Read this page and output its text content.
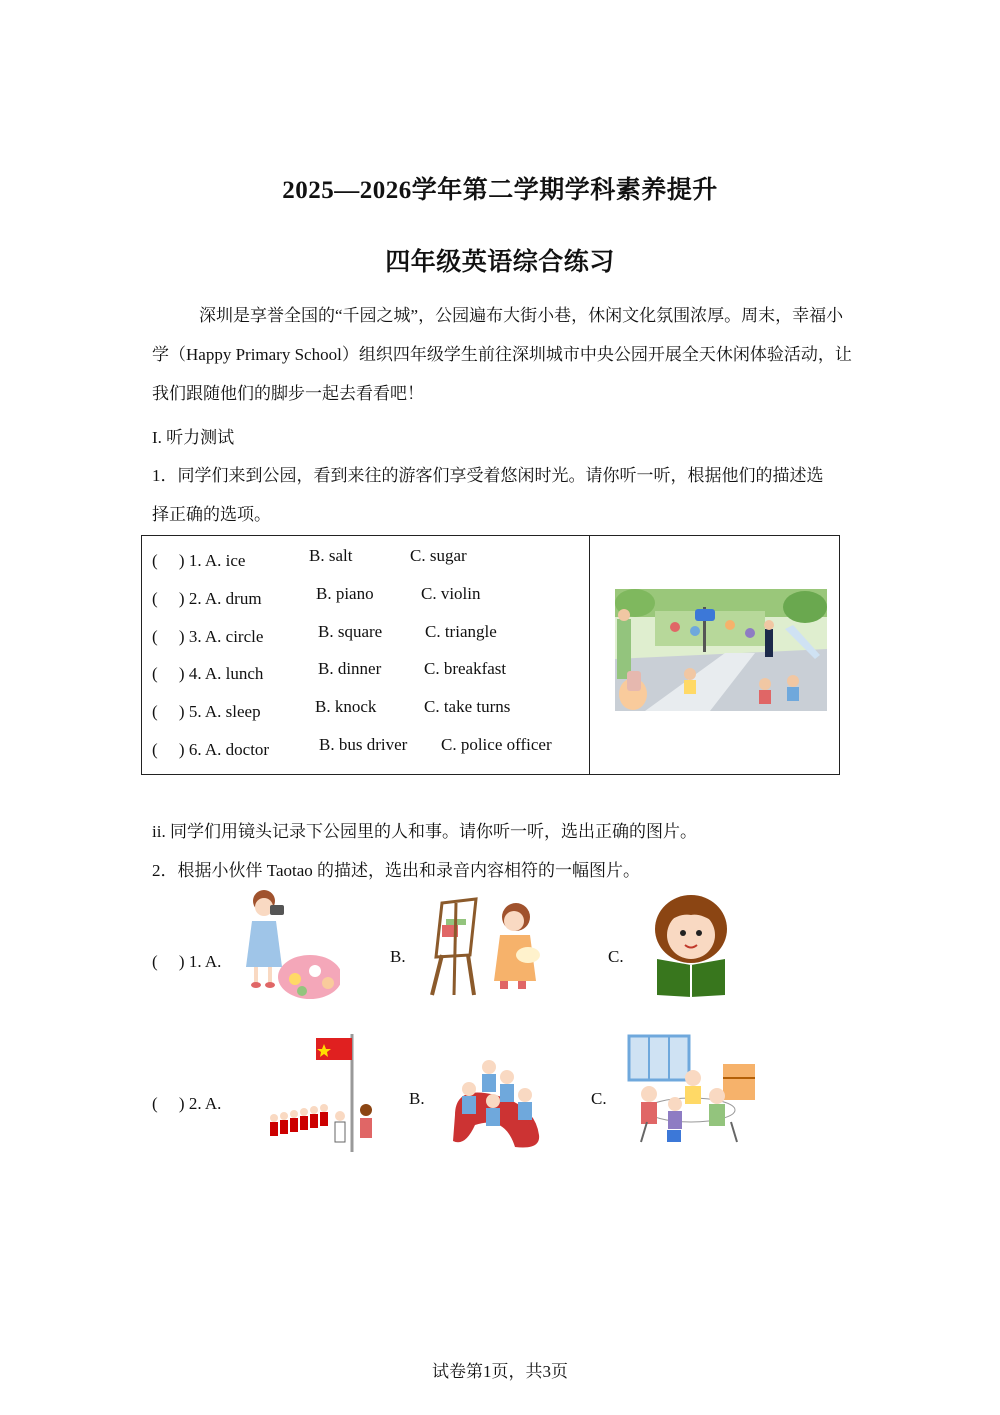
2025—2026学年第二学期学科素养提升
四年级英语综合练习
深圳是享誉全国的“千园之城”，公园遍布大街小巷，休闲文化氛围浓厚。周末，幸福小学（Happy Primary School）组织四年级学生前往深圳城市中央公园开展全天休闲体验活动，让我们跟随他们的脚步一起去看看吧！
I. 听力测试
1．同学们来到公园，看到来往的游客们享受着悠闲时光。请你听一听，根据他们的描述选
择正确的选项。
(　 ) 1. A. ice	B. salt	C. sugar
(　 ) 2. A. drum	B. piano	C. violin
(　 ) 3. A. circle	B. square	C. triangle
(　 ) 4. A. lunch	B. dinner	C. breakfast
(　 ) 5. A. sleep	B. knock	C. take turns
(　 ) 6. A. doctor	B. bus driver C. police officer

ii. 同学们用镜头记录下公园里的人和事。请你听一听，选出正确的图片。
2．根据小伙伴 Taotao 的描述，选出和录音内容相符的一幅图片。
(　 ) 1. A.	B.	C.
(　 ) 2. A.	B.	C.
试卷第1页，共3页
